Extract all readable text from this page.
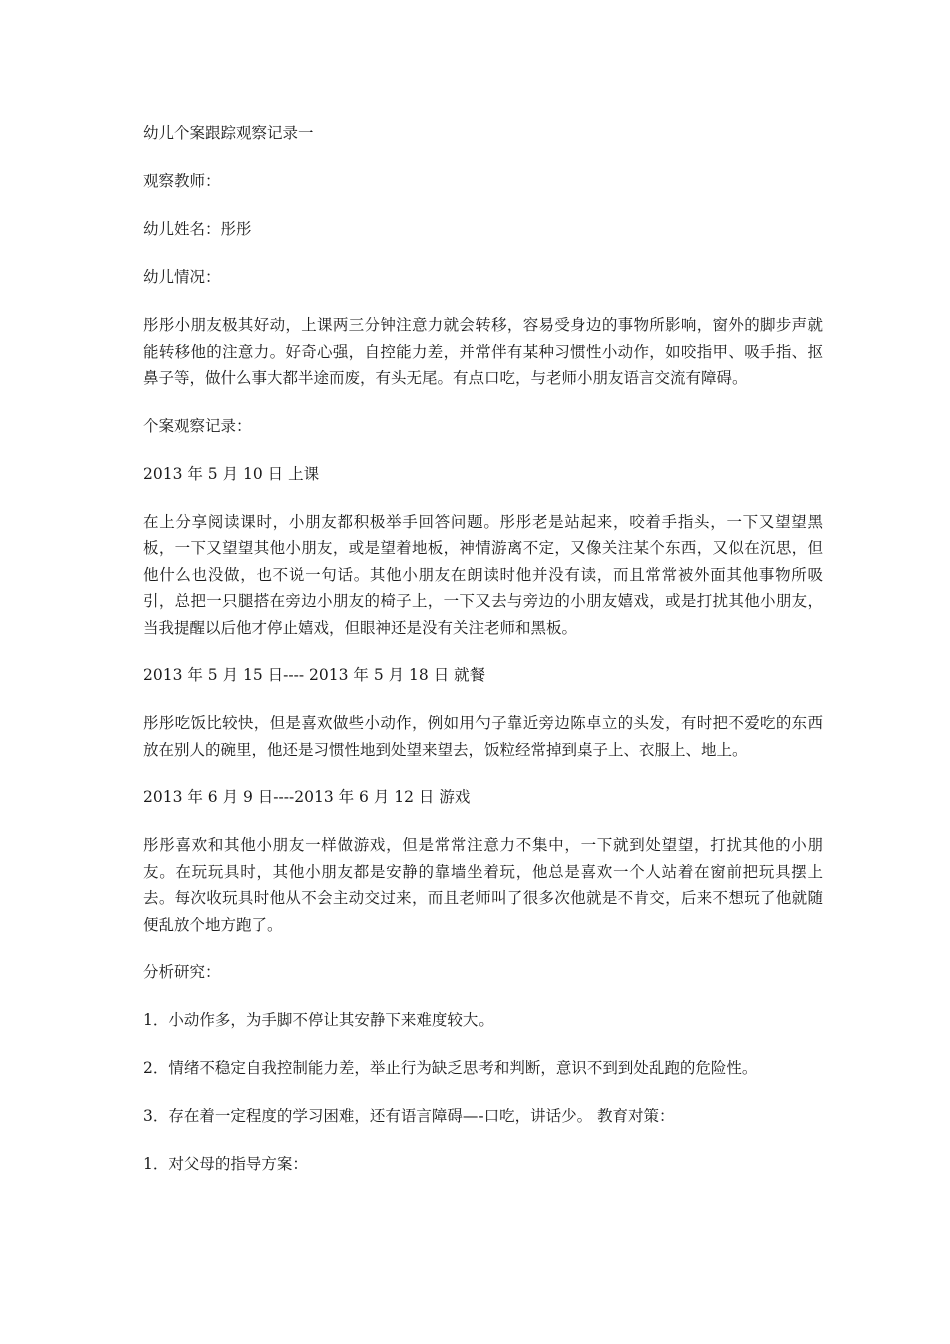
幼儿个案跟踪观察记录一

观察教师：

幼儿姓名：彤彤

幼儿情况：

彤彤小朋友极其好动，上课两三分钟注意力就会转移，容易受身边的事物所影响，窗外的脚步声就能转移他的注意力。好奇心强，自控能力差，并常伴有某种习惯性小动作，如咬指甲、吸手指、抠鼻子等，做什么事大都半途而废，有头无尾。有点口吃，与老师小朋友语言交流有障碍。

个案观察记录：

2013 年 5 月 10 日 上课

在上分享阅读课时，小朋友都积极举手回答问题。彤彤老是站起来，咬着手指头，一下又望望黑板，一下又望望其他小朋友，或是望着地板，神情游离不定，又像关注某个东西，又似在沉思，但他什么也没做，也不说一句话。其他小朋友在朗读时他并没有读，而且常常被外面其他事物所吸引，总把一只腿搭在旁边小朋友的椅子上，一下又去与旁边的小朋友嬉戏，或是打扰其他小朋友，当我提醒以后他才停止嬉戏，但眼神还是没有关注老师和黑板。

2013 年 5 月 15 日---- 2013 年 5 月 18 日 就餐

彤彤吃饭比较快，但是喜欢做些小动作，例如用勺子靠近旁边陈卓立的头发，有时把不爱吃的东西放在别人的碗里，他还是习惯性地到处望来望去，饭粒经常掉到桌子上、衣服上、地上。

2013 年 6 月 9 日----2013 年 6 月 12 日 游戏

彤彤喜欢和其他小朋友一样做游戏，但是常常注意力不集中，一下就到处望望，打扰其他的小朋友。在玩玩具时，其他小朋友都是安静的靠墙坐着玩，他总是喜欢一个人站着在窗前把玩具摆上去。每次收玩具时他从不会主动交过来，而且老师叫了很多次他就是不肯交，后来不想玩了他就随便乱放个地方跑了。

分析研究：

1．小动作多，为手脚不停让其安静下来难度较大。

2．情绪不稳定自我控制能力差，举止行为缺乏思考和判断，意识不到到处乱跑的危险性。

3．存在着一定程度的学习困难，还有语言障碍—-口吃，讲话少。 教育对策：

1．对父母的指导方案：
